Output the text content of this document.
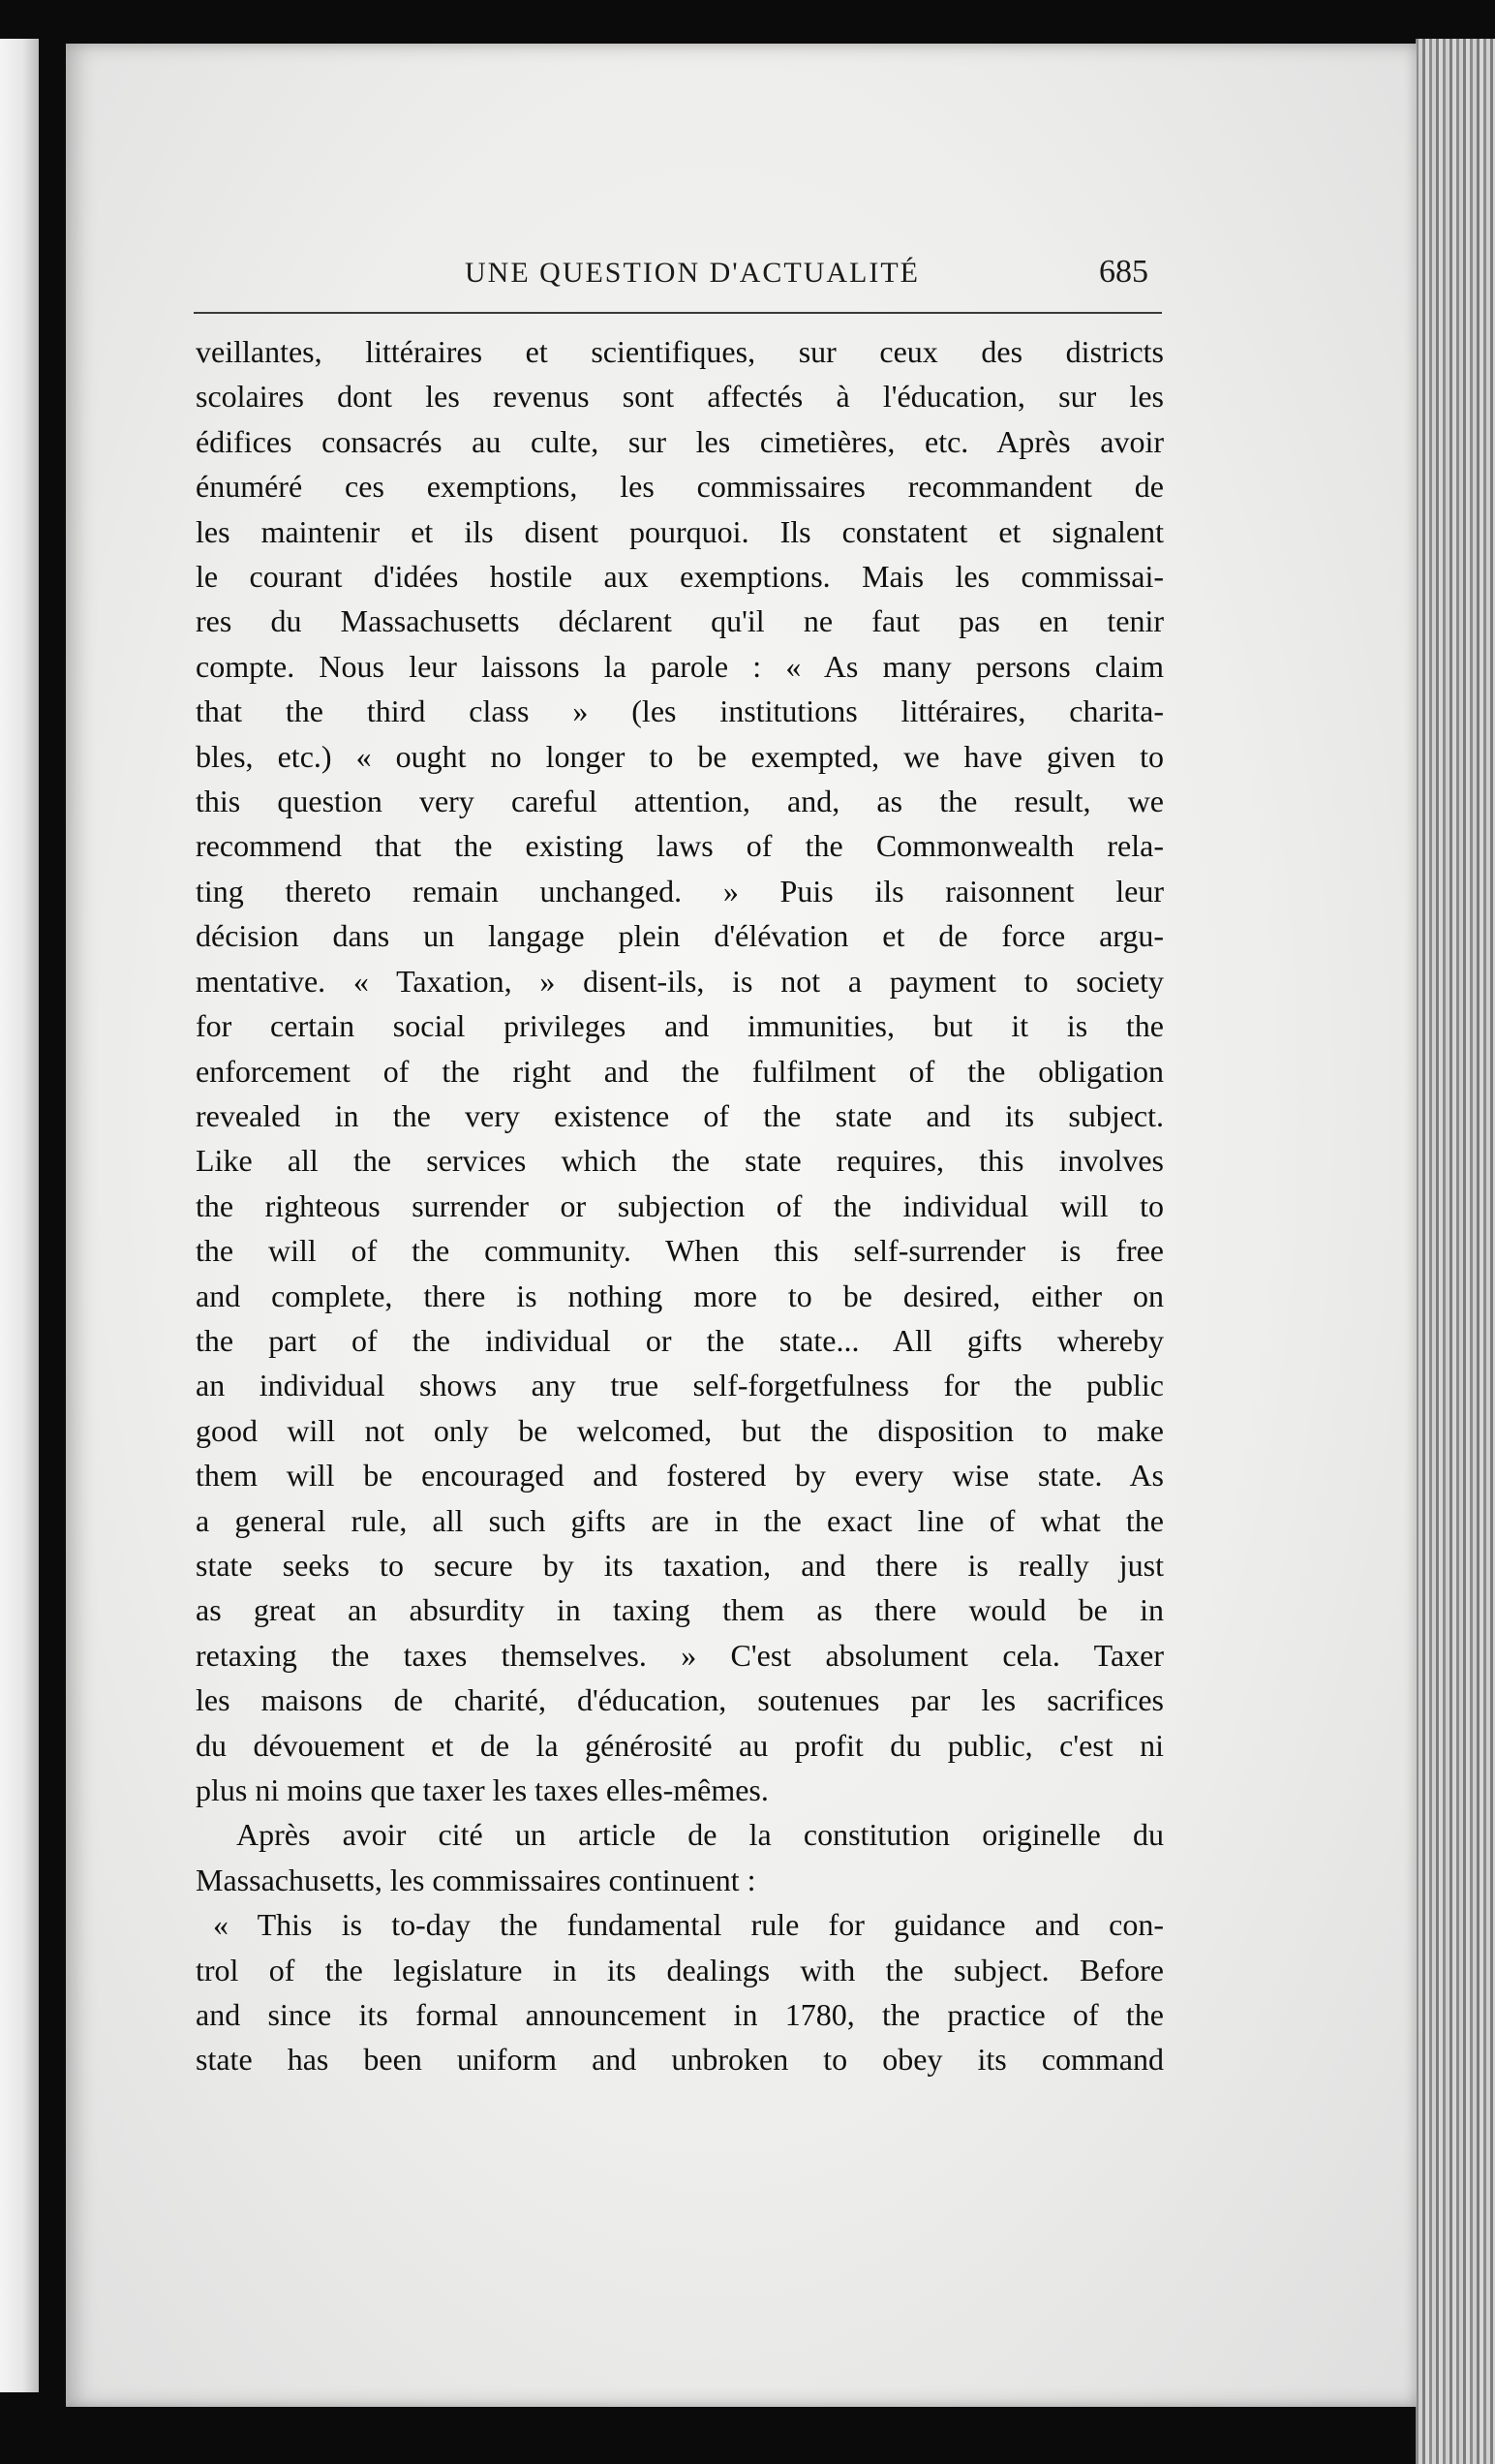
UNE QUESTION D'ACTUALITÉ	685
veillantes, littéraires et scientifiques, sur ceux des districts
scolaires dont les revenus sont affectés à l'éducation, sur les
édifices consacrés au culte, sur les cimetières, etc. Après avoir
énuméré ces exemptions, les commissaires recommandent de
les maintenir et ils disent pourquoi. Ils constatent et signalent
le courant d'idées hostile aux exemptions. Mais les commissai-
res du Massachusetts déclarent qu'il ne faut pas en tenir
compte. Nous leur laissons la parole : « As many persons claim
that the third class » (les institutions littéraires, charita-
bles, etc.) « ought no longer to be exempted, we have given to
this question very careful attention, and, as the result, we
recommend that the existing laws of the Commonwealth rela-
ting thereto remain unchanged. » Puis ils raisonnent leur
décision dans un langage plein d'élévation et de force argu-
mentative. « Taxation, » disent-ils, is not a payment to society
for certain social privileges and immunities, but it is the
enforcement of the right and the fulfilment of the obligation
revealed in the very existence of the state and its subject.
Like all the services which the state requires, this involves
the righteous surrender or subjection of the individual will to
the will of the community. When this self-surrender is free
and complete, there is nothing more to be desired, either on
the part of the individual or the state... All gifts whereby
an individual shows any true self-forgetfulness for the public
good will not only be welcomed, but the disposition to make
them will be encouraged and fostered by every wise state. As
a general rule, all such gifts are in the exact line of what the
state seeks to secure by its taxation, and there is really just
as great an absurdity in taxing them as there would be in
retaxing the taxes themselves. » C'est absolument cela. Taxer
les maisons de charité, d'éducation, soutenues par les sacrifices
du dévouement et de la générosité au profit du public, c'est ni
plus ni moins que taxer les taxes elles-mêmes.
Après avoir cité un article de la constitution originelle du
Massachusetts, les commissaires continuent :
« This is to-day the fundamental rule for guidance and con-
trol of the legislature in its dealings with the subject. Before
and since its formal announcement in 1780, the practice of the
state has been uniform and unbroken to obey its command
